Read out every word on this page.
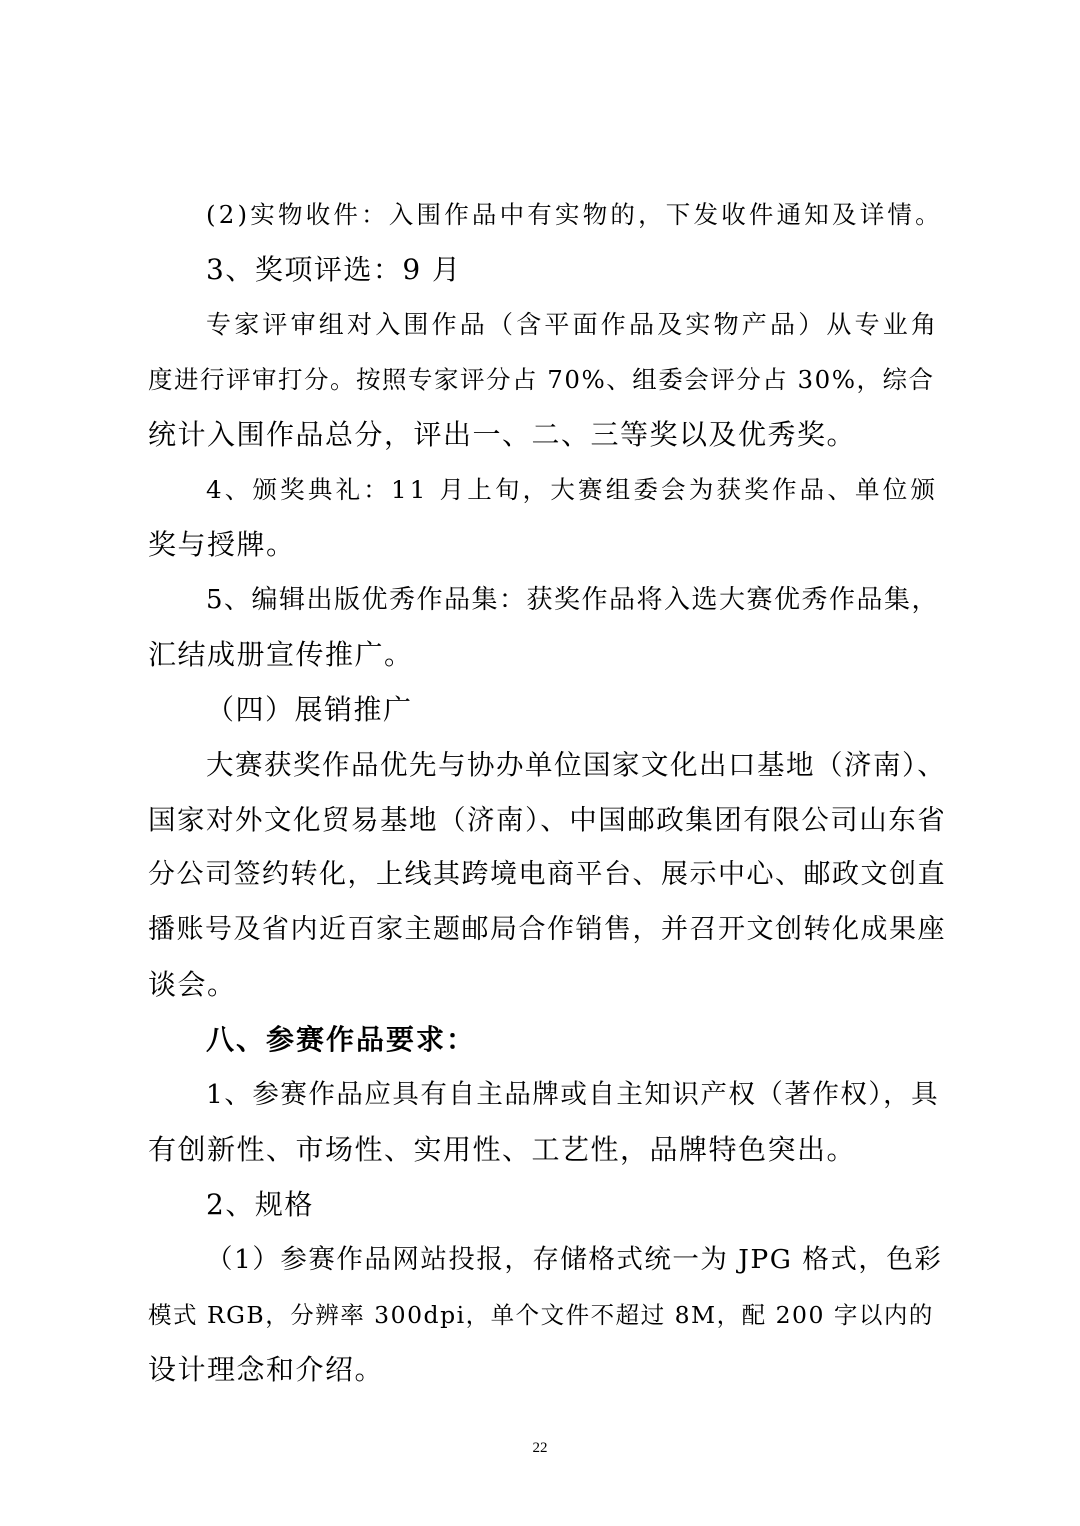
(2)实物收件：入围作品中有实物的，下发收件通知及详情。

3、奖项评选：9 月

专家评审组对入围作品（含平面作品及实物产品）从专业角

度进行评审打分。按照专家评分占 70%、组委会评分占 30%，综合

统计入围作品总分，评出一、二、三等奖以及优秀奖。

4、颁奖典礼：11 月上旬，大赛组委会为获奖作品、单位颁

奖与授牌。

5、编辑出版优秀作品集：获奖作品将入选大赛优秀作品集，

汇结成册宣传推广。

（四）展销推广

大赛获奖作品优先与协办单位国家文化出口基地（济南）、

国家对外文化贸易基地（济南）、中国邮政集团有限公司山东省

分公司签约转化，上线其跨境电商平台、展示中心、邮政文创直

播账号及省内近百家主题邮局合作销售，并召开文创转化成果座

谈会。

八、参赛作品要求：

1、参赛作品应具有自主品牌或自主知识产权（著作权），具

有创新性、市场性、实用性、工艺性，品牌特色突出。

2、规格

（1）参赛作品网站投报，存储格式统一为 JPG 格式，色彩

模式 RGB，分辨率 300dpi，单个文件不超过 8M，配 200 字以内的

设计理念和介绍。

22
